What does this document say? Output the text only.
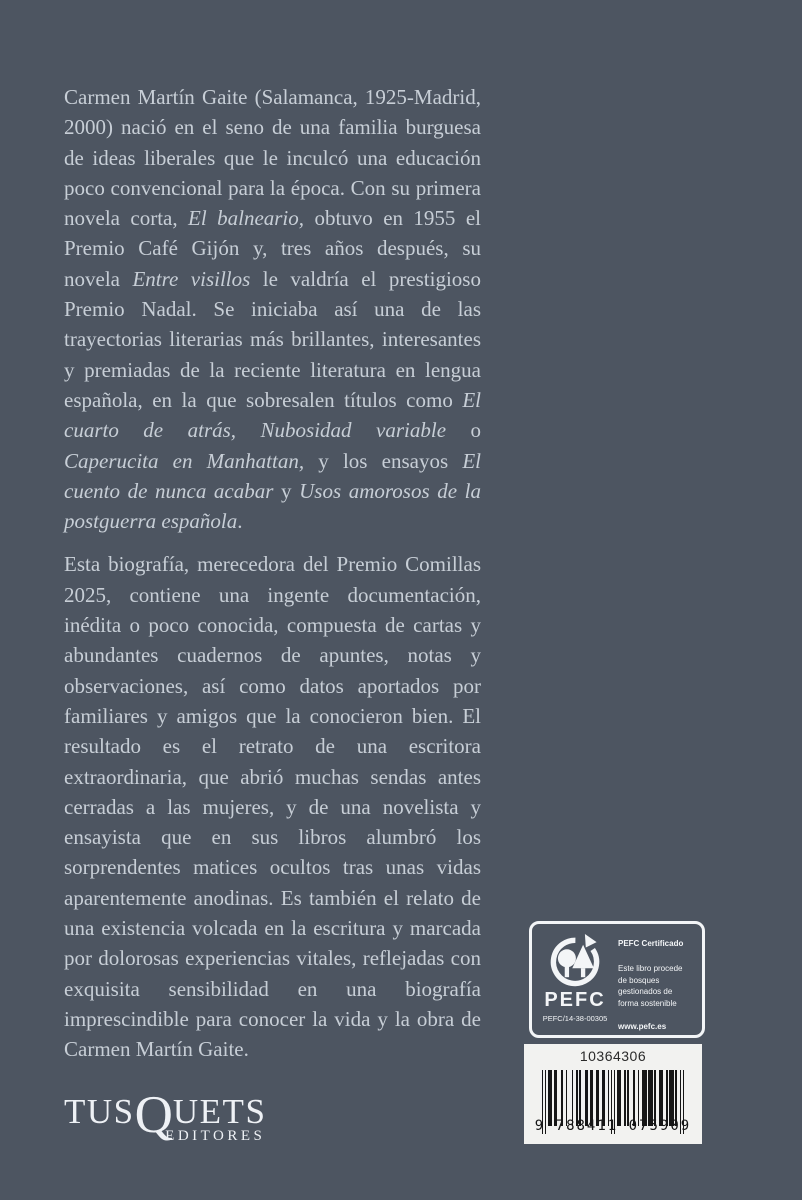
Carmen Martín Gaite (Salamanca, 1925-Madrid, 2000) nació en el seno de una familia burguesa de ideas liberales que le inculcó una educación poco convencional para la época. Con su primera novela corta, El balneario, obtuvo en 1955 el Premio Café Gijón y, tres años después, su novela Entre visillos le valdría el prestigioso Premio Nadal. Se iniciaba así una de las trayectorias literarias más brillantes, interesantes y premiadas de la reciente literatura en lengua española, en la que sobresalen títulos como El cuarto de atrás, Nubosidad variable o Caperucita en Manhattan, y los ensayos El cuento de nunca acabar y Usos amorosos de la postguerra española.

Esta biografía, merecedora del Premio Comillas 2025, contiene una ingente documentación, inédita o poco conocida, compuesta de cartas y abundantes cuadernos de apuntes, notas y observaciones, así como datos aportados por familiares y amigos que la conocieron bien. El resultado es el retrato de una escritora extraordinaria, que abrió muchas sendas antes cerradas a las mujeres, y de una novelista y ensayista que en sus libros alumbró los sorprendentes matices ocultos tras unas vidas aparentemente anodinas. Es también el relato de una existencia volcada en la escritura y marcada por dolorosas experiencias vitales, reflejadas con exquisita sensibilidad en una biografía imprescindible para conocer la vida y la obra de Carmen Martín Gaite.

PEFC
PEFC/14-38-00305
PEFC Certificado
Este libro procede de bosques gestionados de forma sostenible
www.pefc.es
10364306
9 788411 075909
TUSQUETS
EDITORES
